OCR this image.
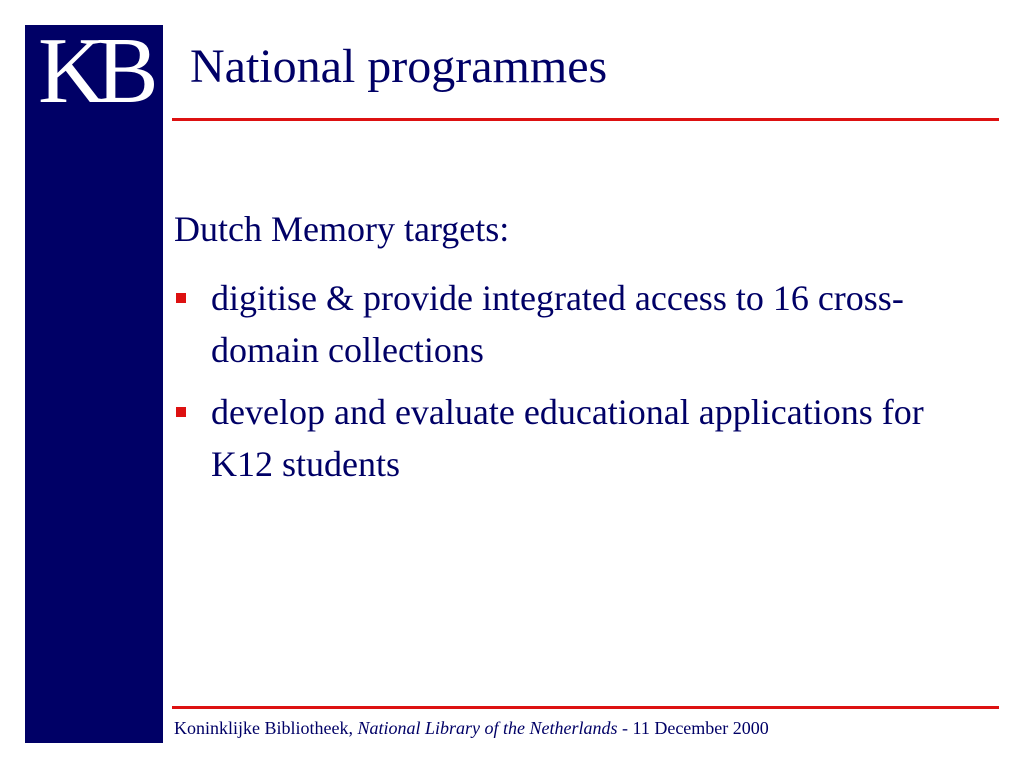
KB National programmes

Dutch Memory targets:

digitise & provide integrated access to 16 cross-domain collections
develop and evaluate educational applications for K12 students
Koninklijke Bibliotheek, National Library of the Netherlands - 11 December 2000
